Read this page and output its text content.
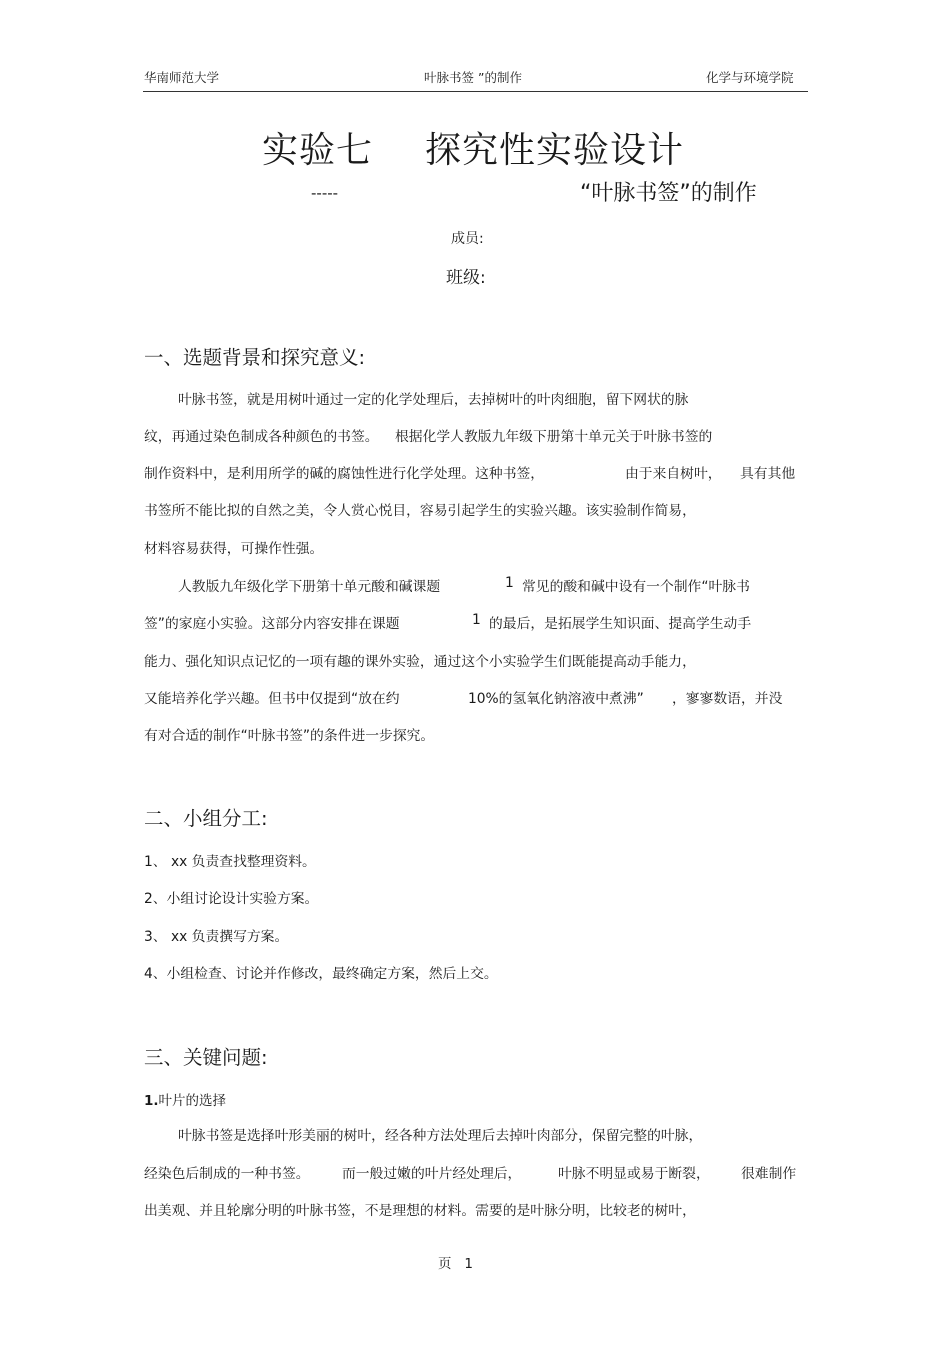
华南师范大学	叶脉书签 ”的制作	化学与环境学院
实验七 探究性实验设计
-----	“叶脉书签”的制作
成员:
班级:
一、选题背景和探究意义:
叶脉书签，就是用树叶通过一定的化学处理后，去掉树叶的叶肉细胞，留下网状的脉
纹，再通过染色制成各种颜色的书签。 根据化学人教版九年级下册第十单元关于叶脉书签的
制作资料中，是利用所学的碱的腐蚀性进行化学处理。这种书签，	由于来自树叶， 具有其他
书签所不能比拟的自然之美，令人赏心悦目，容易引起学生的实验兴趣。该实验制作简易，
材料容易获得，可操作性强。
人教版九年级化学下册第十单元酸和碱课题	1 常见的酸和碱中设有一个制作“叶脉书
签”的家庭小实验。这部分内容安排在课题	1 的最后，是拓展学生知识面、提高学生动手
能力、强化知识点记忆的一项有趣的课外实验，通过这个小实验学生们既能提高动手能力，
又能培养化学兴趣。但书中仅提到“放在约	10%的氢氧化钠溶液中煮沸” ，寥寥数语，并没
有对合适的制作“叶脉书签”的条件进一步探究。
二、小组分工:
1、 xx 负责查找整理资料。
2、小组讨论设计实验方案。
3、 xx 负责撰写方案。
4、小组检查、讨论并作修改，最终确定方案，然后上交。
三、关键问题:
1.叶片的选择
叶脉书签是选择叶形美丽的树叶，经各种方法处理后去掉叶肉部分，保留完整的叶脉，
经染色后制成的一种书签。 而一般过嫩的叶片经处理后，	叶脉不明显或易于断裂， 很难制作
出美观、并且轮廓分明的叶脉书签，不是理想的材料。需要的是叶脉分明，比较老的树叶，
页 1
